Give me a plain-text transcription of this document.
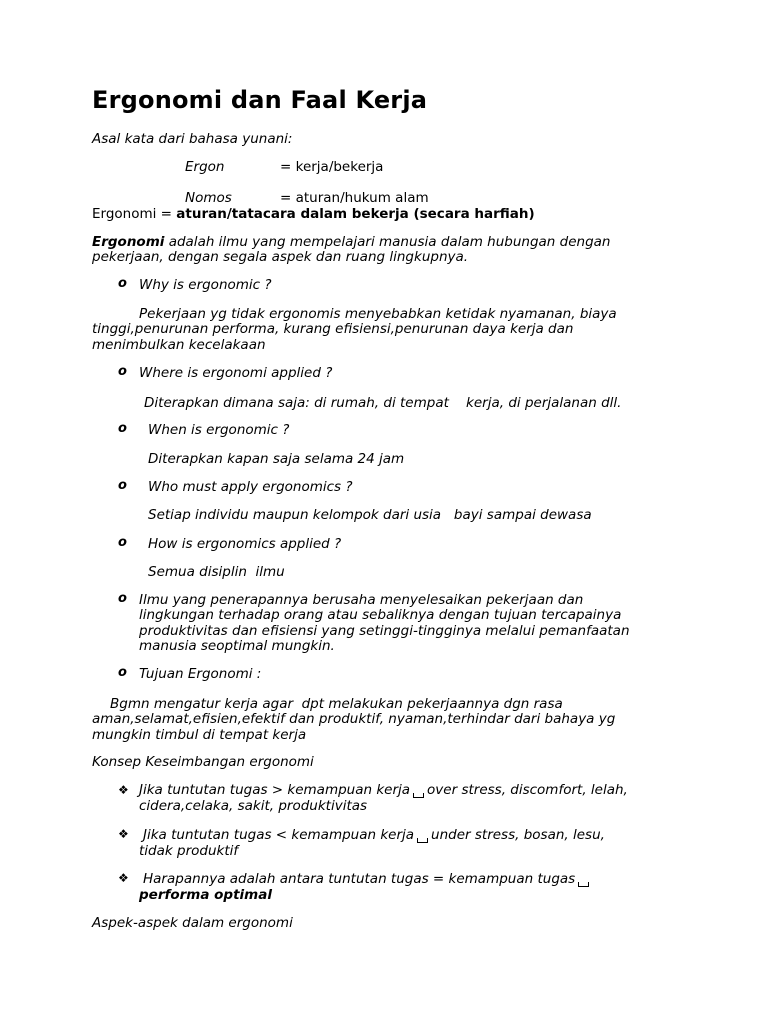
Ergonomi dan Faal Kerja
Asal kata dari bahasa yunani:
Ergon	= kerja/bekerja
Nomos	= aturan/hukum alam
Ergonomi = aturan/tatacara dalam bekerja (secara harfiah)
Ergonomi adalah ilmu yang mempelajari manusia dalam hubungan dengan
pekerjaan, dengan segala aspek dan ruang lingkupnya.
o Why is ergonomic ?
Pekerjaan yg tidak ergonomis menyebabkan ketidak nyamanan, biaya
tinggi,penurunan performa, kurang efisiensi,penurunan daya kerja dan
menimbulkan kecelakaan
o Where is ergonomi applied ?
Diterapkan dimana saja: di rumah, di tempat    kerja, di perjalanan dll.
o When is ergonomic ?
Diterapkan kapan saja selama 24 jam
o Who must apply ergonomics ?
Setiap individu maupun kelompok dari usia   bayi sampai dewasa
o How is ergonomics applied ?
Semua disiplin  ilmu
o Ilmu yang penerapannya berusaha menyelesaikan pekerjaan dan
lingkungan terhadap orang atau sebaliknya dengan tujuan tercapainya
produktivitas dan efisiensi yang setinggi-tingginya melalui pemanfaatan
manusia seoptimal mungkin.
o Tujuan Ergonomi :
Bgmn mengatur kerja agar  dpt melakukan pekerjaannya dgn rasa
aman,selamat,efisien,efektif dan produktif, nyaman,terhindar dari bahaya yg
mungkin timbul di tempat kerja
Konsep Keseimbangan ergonomi
❖ Jika tuntutan tugas > kemampuan kerja over stress, discomfort, lelah,
cidera,celaka, sakit, produktivitas
❖ Jika tuntutan tugas < kemampuan kerja under stress, bosan, lesu,
tidak produktif
❖ Harapannya adalah antara tuntutan tugas = kemampuan tugas
performa optimal
Aspek-aspek dalam ergonomi
